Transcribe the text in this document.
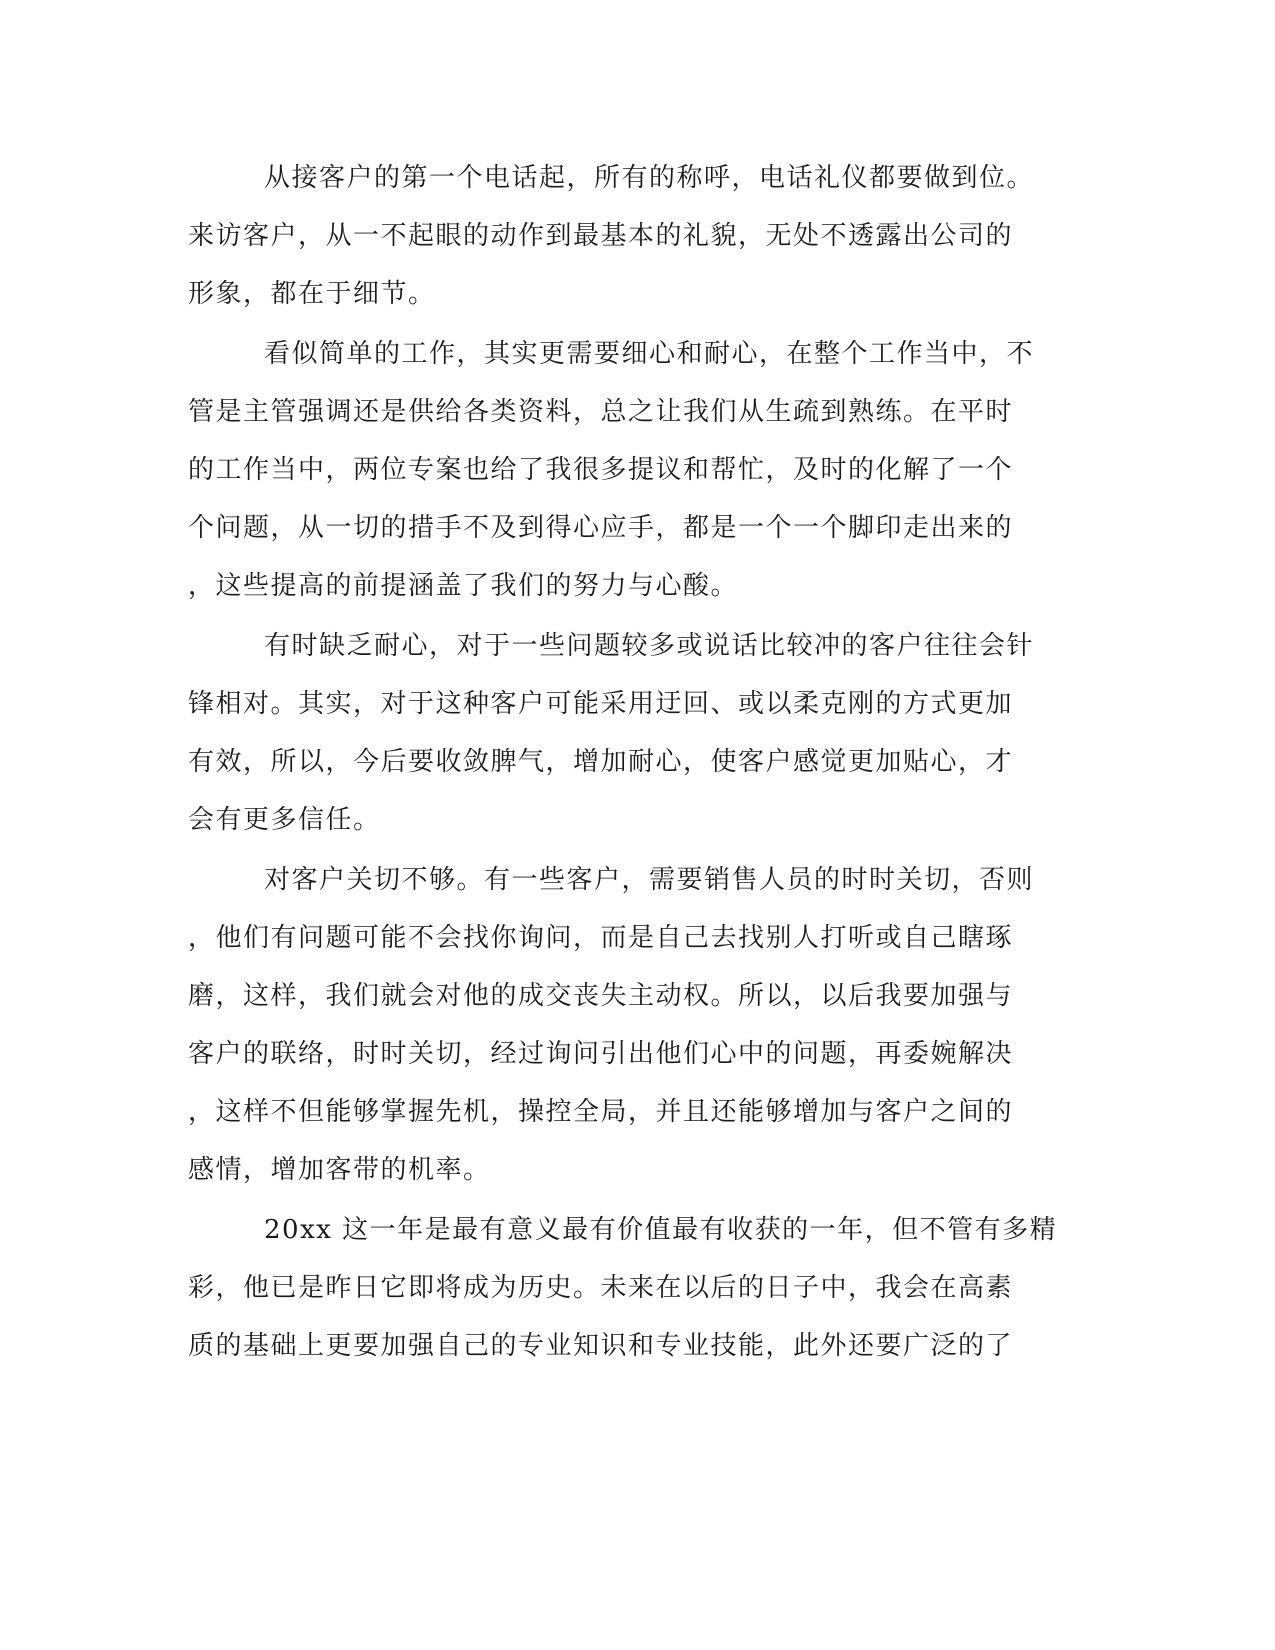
从接客户的第一个电话起，所有的称呼，电话礼仪都要做到位。
来访客户，从一不起眼的动作到最基本的礼貌，无处不透露出公司的
形象，都在于细节。
看似简单的工作，其实更需要细心和耐心，在整个工作当中，不
管是主管强调还是供给各类资料，总之让我们从生疏到熟练。在平时
的工作当中，两位专案也给了我很多提议和帮忙，及时的化解了一个
个问题，从一切的措手不及到得心应手，都是一个一个脚印走出来的
，这些提高的前提涵盖了我们的努力与心酸。
有时缺乏耐心，对于一些问题较多或说话比较冲的客户往往会针
锋相对。其实，对于这种客户可能采用迂回、或以柔克刚的方式更加
有效，所以，今后要收敛脾气，增加耐心，使客户感觉更加贴心，才
会有更多信任。
对客户关切不够。有一些客户，需要销售人员的时时关切，否则
，他们有问题可能不会找你询问，而是自己去找别人打听或自己瞎琢
磨，这样，我们就会对他的成交丧失主动权。所以，以后我要加强与
客户的联络，时时关切，经过询问引出他们心中的问题，再委婉解决
，这样不但能够掌握先机，操控全局，并且还能够增加与客户之间的
感情，增加客带的机率。
20xx 这一年是最有意义最有价值最有收获的一年，但不管有多精
彩，他已是昨日它即将成为历史。未来在以后的日子中，我会在高素
质的基础上更要加强自己的专业知识和专业技能，此外还要广泛的了
